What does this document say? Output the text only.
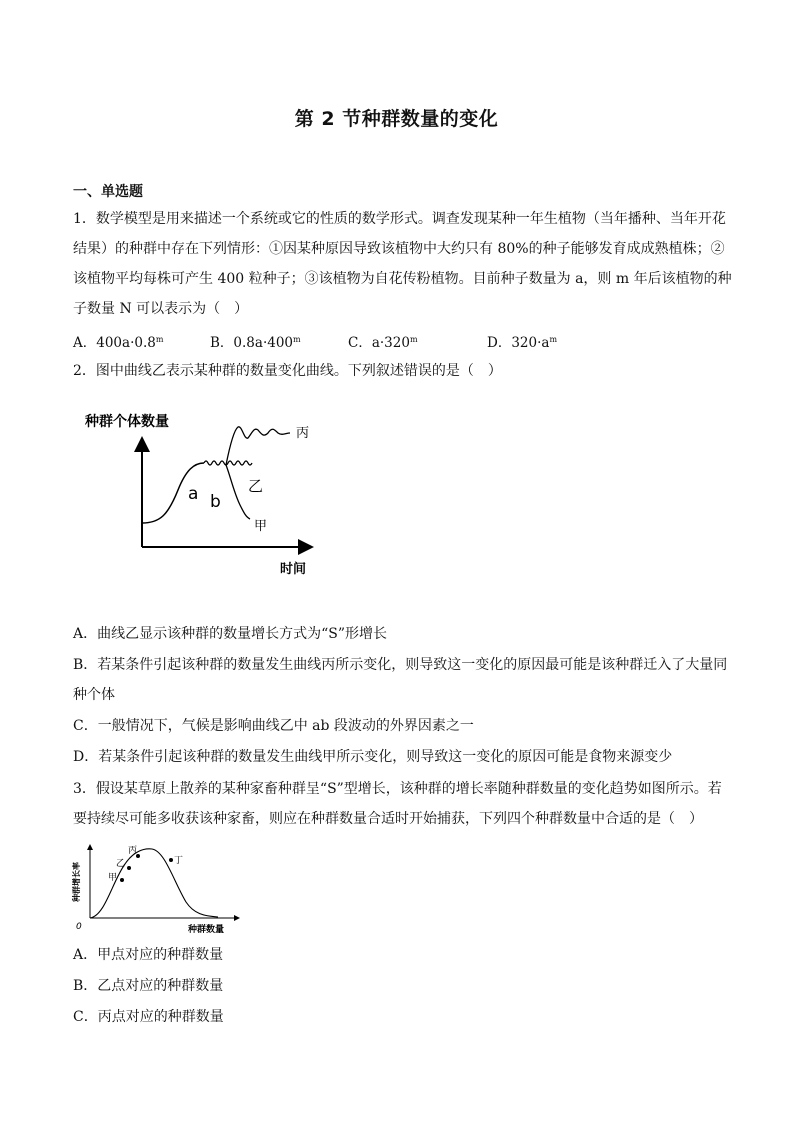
第 2 节种群数量的变化
一、单选题
1．数学模型是用来描述一个系统或它的性质的数学形式。调查发现某种一年生植物（当年播种、当年开花
结果）的种群中存在下列情形：①因某种原因导致该植物中大约只有 80%的种子能够发育成成熟植株；②
该植物平均每株可产生 400 粒种子；③该植物为自花传粉植物。目前种子数量为 a，则 m 年后该植物的种
子数量 N 可以表示为（　）
A．$400a\cdot 0.8^m$	B．$0.8a\cdot 400^m$	C．$a\cdot 320^m$	D．$320\cdot a^m$
2．图中曲线乙表示某种群的数量变化曲线。下列叙述错误的是（　）
种群个体数量
时间
a b
乙
丙
甲
A．曲线乙显示该种群的数量增长方式为“S”形增长
B．若某条件引起该种群的数量发生曲线丙所示变化，则导致这一变化的原因最可能是该种群迁入了大量同
种个体
C．一般情况下，气候是影响曲线乙中 ab 段波动的外界因素之一
D．若某条件引起该种群的数量发生曲线甲所示变化，则导致这一变化的原因可能是食物来源变少
3．假设某草原上散养的某种家畜种群呈“S”型增长，该种群的增长率随种群数量的变化趋势如图所示。若
要持续尽可能多收获该种家畜，则应在种群数量合适时开始捕获，下列四个种群数量中合适的是（　）
种群增长率
0	种群数量
甲
乙
丙
丁
A．甲点对应的种群数量
B．乙点对应的种群数量
C．丙点对应的种群数量
